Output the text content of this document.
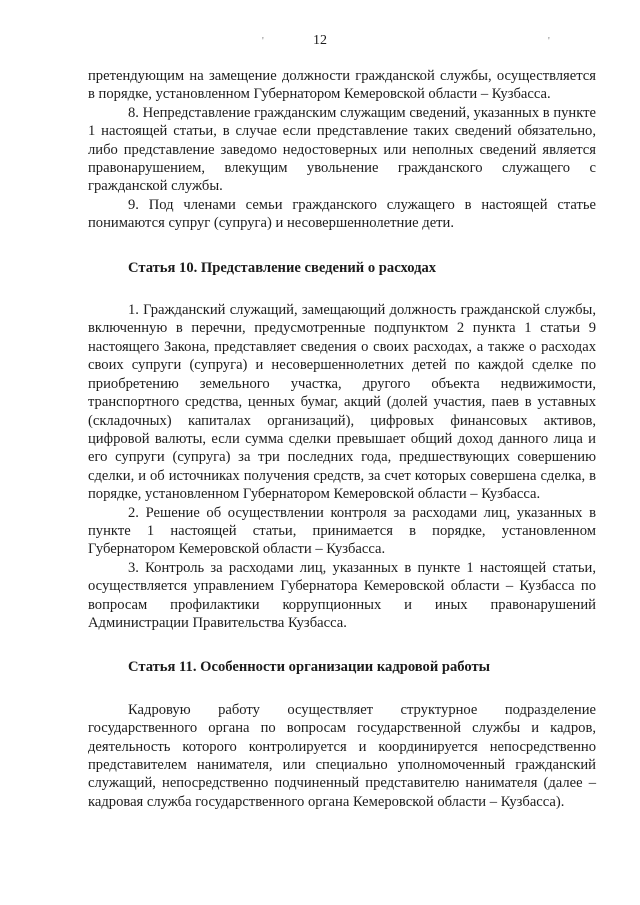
'	'
12

претендующим на замещение должности гражданской службы, осуществляется в порядке, установленном Губернатором Кемеровской области – Кузбасса.

8. Непредставление гражданским служащим сведений, указанных в пункте 1 настоящей статьи, в случае если представление таких сведений обязательно, либо представление заведомо недостоверных или неполных сведений является правонарушением, влекущим увольнение гражданского служащего с гражданской службы.

9. Под членами семьи гражданского служащего в настоящей статье понимаются супруг (супруга) и несовершеннолетние дети.

Статья 10. Представление сведений о расходах

1. Гражданский служащий, замещающий должность гражданской службы, включенную в перечни, предусмотренные подпунктом 2 пункта 1 статьи 9 настоящего Закона, представляет сведения о своих расходах, а также о расходах своих супруги (супруга) и несовершеннолетних детей по каждой сделке по приобретению земельного участка, другого объекта недвижимости, транспортного средства, ценных бумаг, акций (долей участия, паев в уставных (складочных) капиталах организаций), цифровых финансовых активов, цифровой валюты, если сумма сделки превышает общий доход данного лица и его супруги (супруга) за три последних года, предшествующих совершению сделки, и об источниках получения средств, за счет которых совершена сделка, в порядке, установленном Губернатором Кемеровской области – Кузбасса.

2. Решение об осуществлении контроля за расходами лиц, указанных в пункте 1 настоящей статьи, принимается в порядке, установленном Губернатором Кемеровской области – Кузбасса.

3. Контроль за расходами лиц, указанных в пункте 1 настоящей статьи, осуществляется управлением Губернатора Кемеровской области – Кузбасса по вопросам профилактики коррупционных и иных правонарушений Администрации Правительства Кузбасса.

Статья 11. Особенности организации кадровой работы

Кадровую работу осуществляет структурное подразделение государственного органа по вопросам государственной службы и кадров, деятельность которого контролируется и координируется непосредственно представителем нанимателя, или специально уполномоченный гражданский служащий, непосредственно подчиненный представителю нанимателя (далее – кадровая служба государственного органа Кемеровской области – Кузбасса).
